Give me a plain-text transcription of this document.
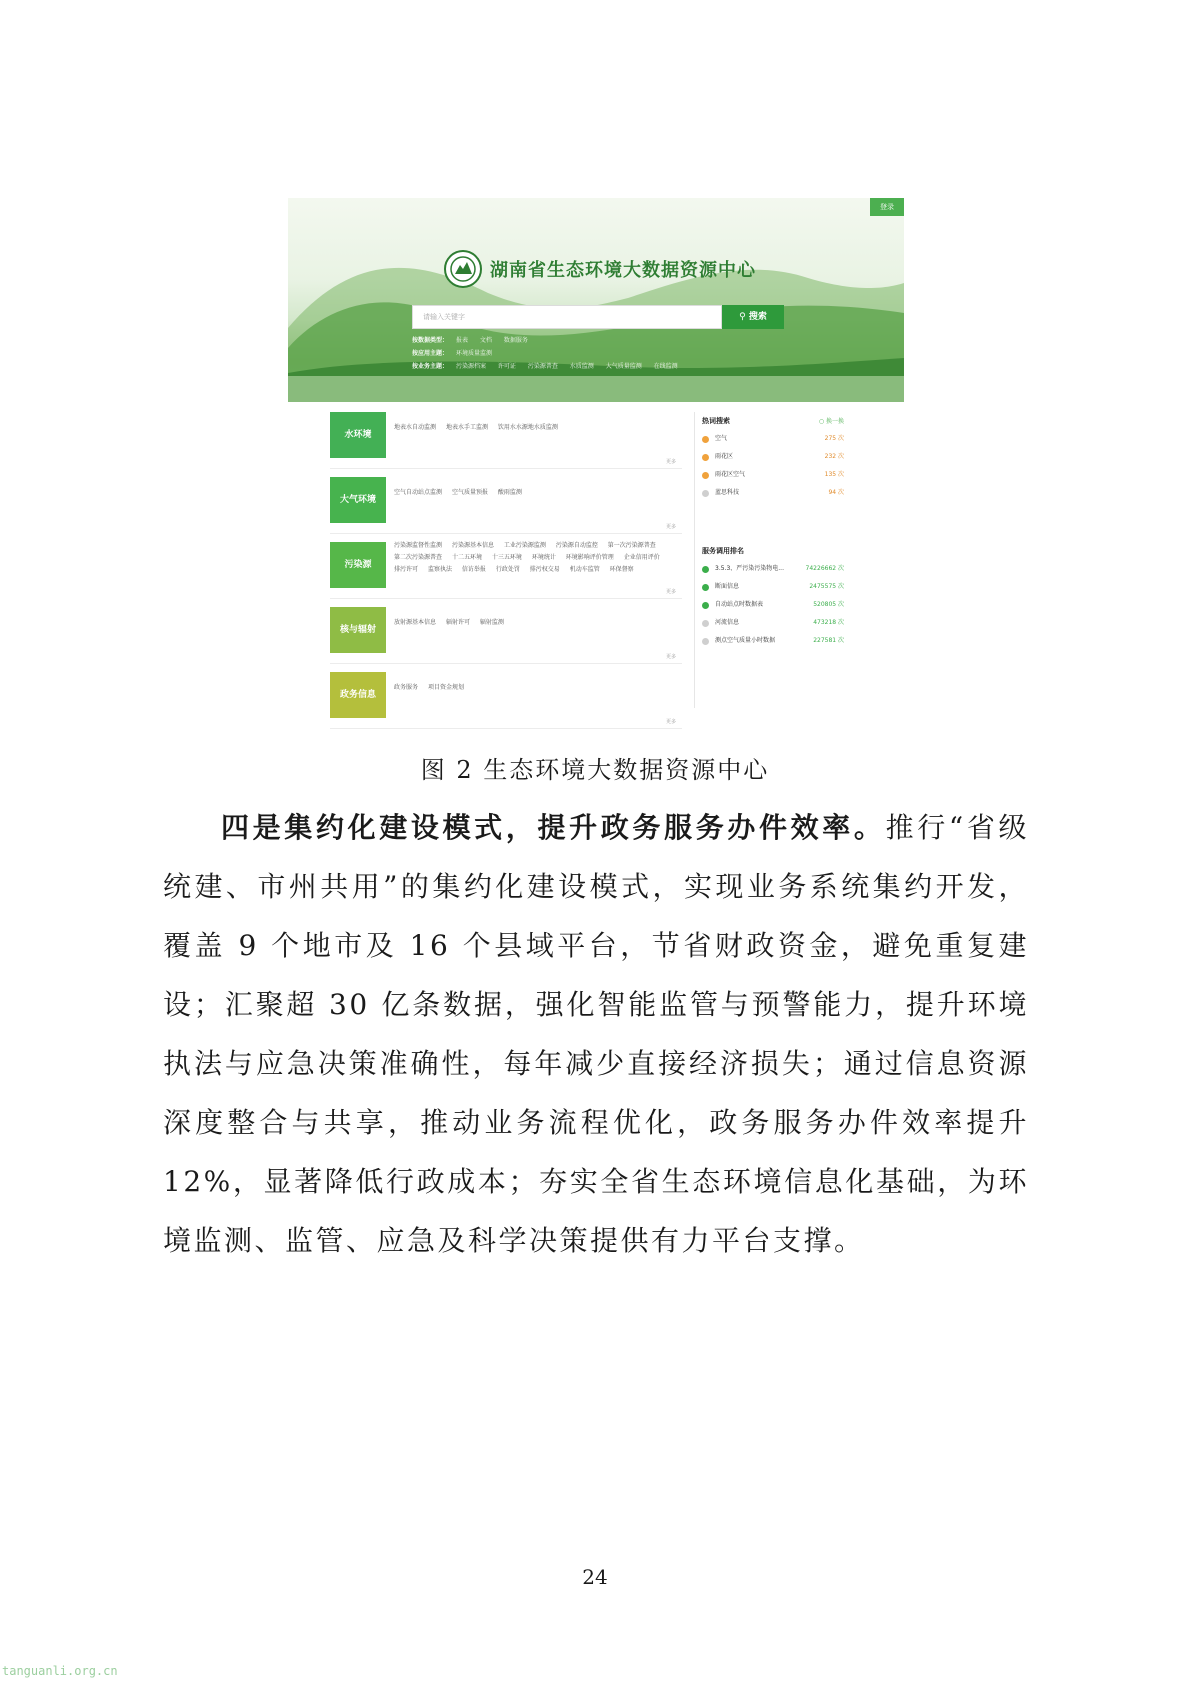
登录
湖南省生态环境大数据资源中心
请输入关键字	⚲ 搜索
按数据类型： 报表 文档 数据服务
按应用主题： 环境质量监测
按业务主题： 污染源档案 许可证 污染源普查 水质监测 大气质量监测 在线监测
水环境
地表水自动监测 地表水手工监测 饮用水水源地水质监测
更多
大气环境
空气自动站点监测 空气质量预报 酸雨监测
更多
污染源
污染源监督性监测 污染源基本信息 工业污染源监测 污染源自动监控 第一次污染源普查 第二次污染源普查 十二五环境 十三五环境 环境统计 环境影响评价管理 企业信用评价 排污许可 监察执法 信访举报 行政处罚 排污权交易 机动车监管 环保督察
更多
核与辐射
放射源基本信息 辐射许可 辐射监测
更多
政务信息
政务服务 项目资金规划
更多
热词搜索	○ 换一换
空气	275 次
雨花区	232 次
雨花区空气	135 次
蓝思科技	94 次
服务调用排名
3.5.3、严污染污染物电...	74226662 次
断面信息	2475575 次
自动站点时数据表	520805 次
河流信息	473218 次
测点空气质量小时数据	227581 次
图 2 生态环境大数据资源中心

四是集约化建设模式，提升政务服务办件效率。推行“省级统建、市州共用”的集约化建设模式，实现业务系统集约开发，覆盖 9 个地市及 16 个县域平台，节省财政资金，避免重复建设；汇聚超 30 亿条数据，强化智能监管与预警能力，提升环境执法与应急决策准确性，每年减少直接经济损失；通过信息资源深度整合与共享，推动业务流程优化，政务服务办件效率提升 12%，显著降低行政成本；夯实全省生态环境信息化基础，为环境监测、监管、应急及科学决策提供有力平台支撑。

24
tanguanli.org.cn
